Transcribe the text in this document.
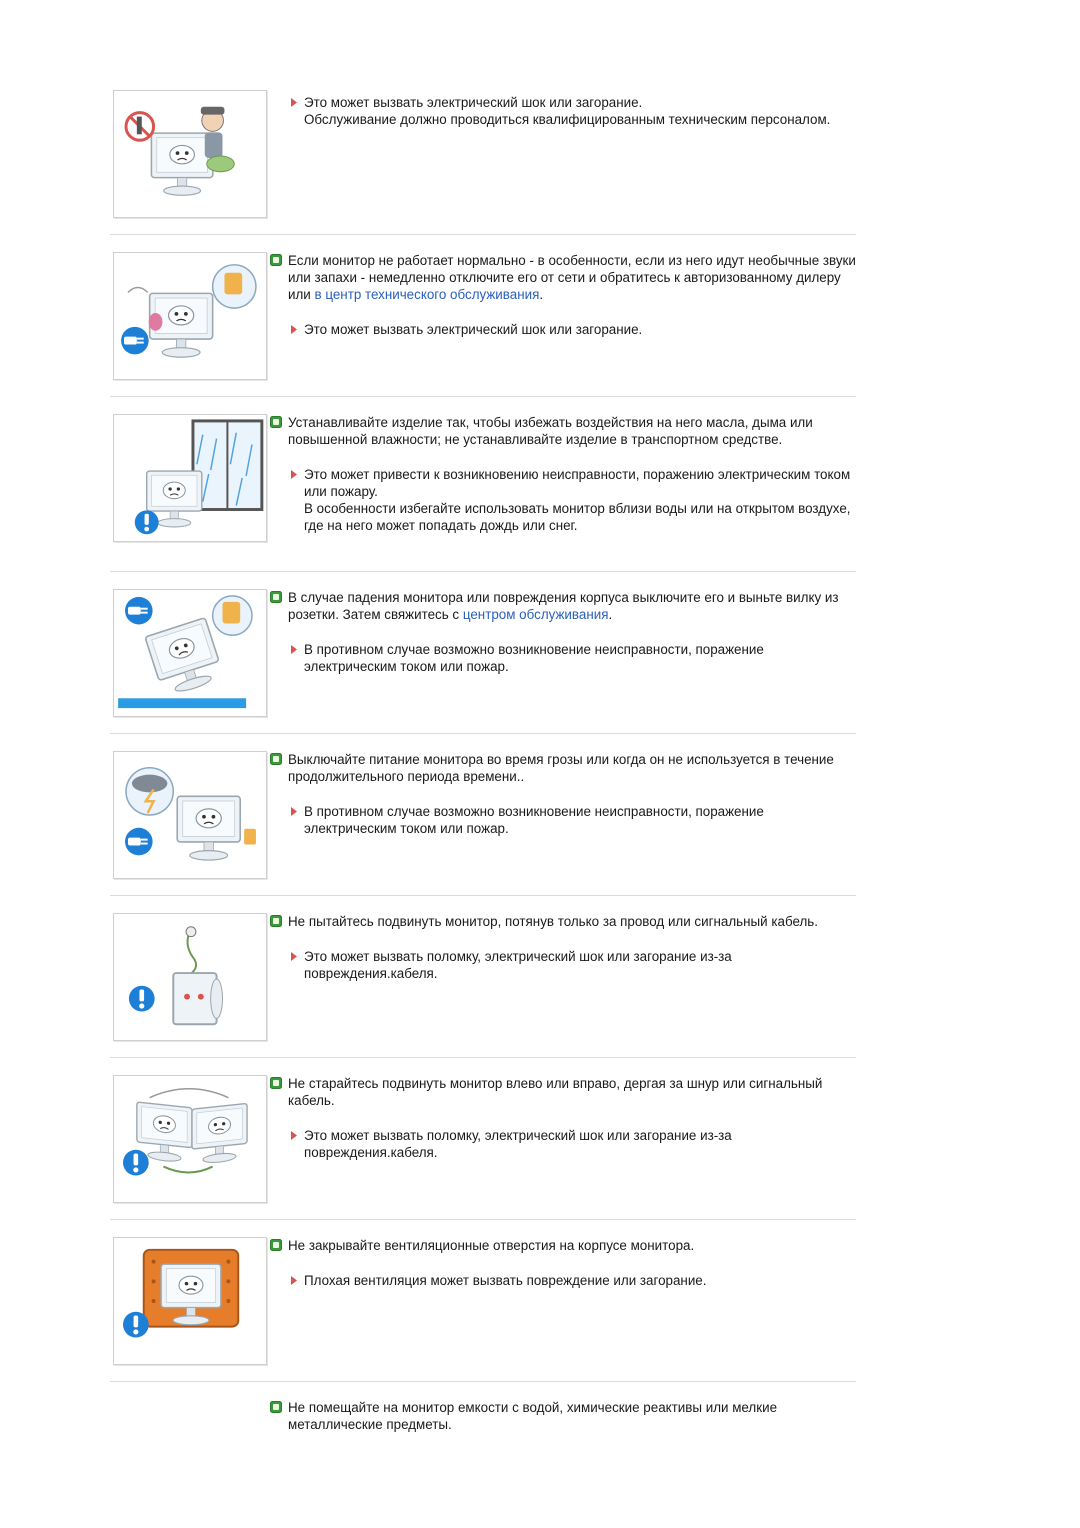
Это может вызвать электрический шок или загорание.
Обслуживание должно проводиться квалифицированным техническим персоналом.
Если монитор не работает нормально - в особенности, если из него идут необычные звуки или запахи - немедленно отключите его от сети и обратитесь к авторизованному дилеру или в центр технического обслуживания.
Это может вызвать электрический шок или загорание.
Устанавливайте изделие так, чтобы избежать воздействия на него масла, дыма или повышенной влажности; не устанавливайте изделие в транспортном средстве.
Это может привести к возникновению неисправности, поражению электрическим током или пожару.
В особенности избегайте использовать монитор вблизи воды или на открытом воздухе, где на него может попадать дождь или снег.
В случае падения монитора или повреждения корпуса выключите его и выньте вилку из розетки. Затем свяжитесь с центром обслуживания.
В противном случае возможно возникновение неисправности, поражение электрическим током или пожар.
Выключайте питание монитора во время грозы или когда он не используется в течение продолжительного периода времени..
В противном случае возможно возникновение неисправности, поражение электрическим током или пожар.
Не пытайтесь подвинуть монитор, потянув только за провод или сигнальный кабель.
Это может вызвать поломку, электрический шок или загорание из-за повреждения.кабеля.
Не старайтесь подвинуть монитор влево или вправо, дергая за шнур или сигнальный кабель.
Это может вызвать поломку, электрический шок или загорание из-за повреждения.кабеля.
Не закрывайте вентиляционные отверстия на корпусе монитора.
Плохая вентиляция может вызвать повреждение или загорание.
Не помещайте на монитор емкости с водой, химические реактивы или мелкие металлические предметы.
